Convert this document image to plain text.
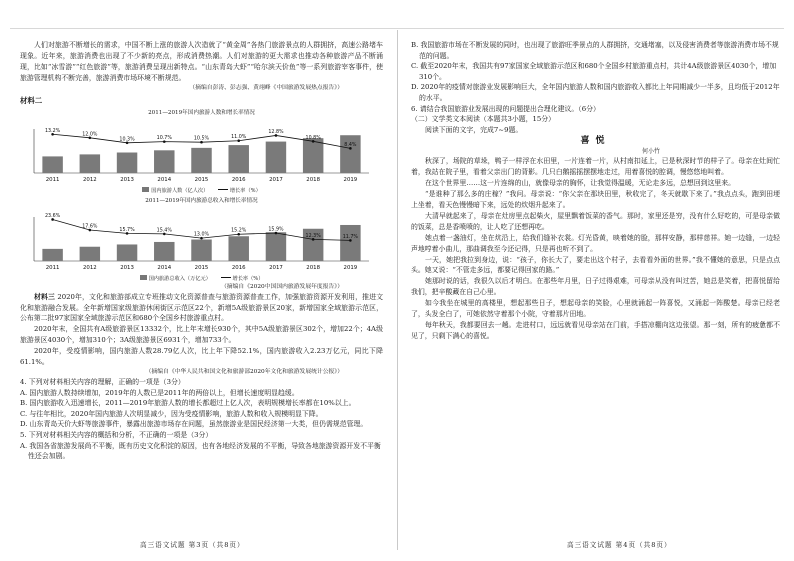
人们对旅游不断增长的需求，中国不断上涨的旅游人次造就了“黄金周”各热门旅游景点的人群拥挤，高速公路堵车现象。近年来，旅游消费也出现了不少新的亮点，形成消费热潮。人们对旅游的更大需求也推动各种旅游产品不断涌现，比如“冰雪游”“红色旅游”等，旅游消费呈现出新特点。“山东青岛大虾”“哈尔滨天价鱼”等一系列旅游宰客事件，使旅游管理机构不断完善，旅游消费市场环境不断规范。

（摘编自彭涛、彭志强、黄翊峰《中国旅游发展热点报告》）

材料二

2011—2019年国内旅游人数和增长率情况
2011	2012	2013	2014	2015	2016	2017	2018	2019
13.2%
12.0%
10.3%	10.7%	10.5%	11.0%
12.8%
10.8%
8.4%
国内旅游人数（亿人次）	增长率（%）
2011—2019年国内旅游总收入和增长率情况
2011	2012	2013	2014	2015	2016	2017	2018	2019
23.6%
17.6%
15.7%	15.4%
13.0%
15.2%	15.9%
12.3%	11.7%
国内旅游总收入（万亿元）	增长率（%）

（摘编自《2020中国国内旅游发展年度报告》）

材料三 2020年，文化和旅游部成立专班推动文化资源普查与旅游资源普查工作，加强旅游资源开发利用，推进文化和旅游融合发展。全年新增国家级旅游休闲街区示范区22个，新增5A级旅游景区20家，新增国家全域旅游示范区，公布第二批97家国家全域旅游示范区和680个全国乡村旅游重点村。

2020年末，全国共有A级旅游景区13332个，比上年末增长930个，其中5A级旅游景区302个，增加22个；4A级旅游景区4030个，增加310个；3A级旅游景区6931个，增加733个。

2020年，受疫情影响，国内旅游人数28.79亿人次，比上年下降52.1%，国内旅游收入2.23万亿元，同比下降61.1%。

（摘编自《中华人民共和国文化和旅游部2020年文化和旅游发展统计公报》）

4. 下列对材料相关内容的理解，正确的一项是（3分）

A. 国内旅游人数持续增加，2019年的人数已是2011年的两倍以上，但增长速度明显趋缓。

B. 国内旅游收入迅速增长，2011—2019年旅游人数的增长都超过上亿人次，表明规模增长率都在10%以上。

C. 与往年相比，2020年国内旅游人次明显减少，因为受疫情影响，旅游人数和收入规模明显下降。

D. 山东青岛天价大虾等旅游事件，暴露出旅游市场存在问题，虽然旅游业是国民经济第一大类，但仍需规范管理。

5. 下列对材料相关内容的概括和分析，不正确的一项是（3分）

A. 我国各省旅游发展尚不平衡，既有历史文化积淀的原因，也有各地经济发展的不平衡，导致各地旅游资源开发不平衡性还会加剧。

高三语文试题 第3页（共8页）

B. 我国旅游市场在不断发展的同时，也出现了旅游旺季景点的人群拥挤，交通堵塞，以及侵害消费者等旅游消费市场不规范的问题。

C. 截至2020年末，我国共有97家国家全域旅游示范区和680个全国乡村旅游重点村，共计4A级旅游景区4030个，增加310个。

D. 2020年的疫情对旅游业发展影响巨大，全年国内旅游人数和国内旅游收入都比上年同期减少一半多，且均低于2012年的水平。

6. 请结合我国旅游业发展出现的问题提出合理化建议。（6分）

（二）文学类文本阅读（本题共3小题，15分）

阅读下面的文字，完成7~9题。

喜悦
何小竹

秋深了，场院的草垛，鸭子一样浮在水田里，一片连着一片，从村南扣延上，已是秋深时节的样子了。母亲在灶间忙着，我站在院子里，看着父亲出门的背影。几只白鹅摇摇摆摆地走过，用着喜悦的腔调，慢悠悠地叫着。

在这个世界里……这一片连绵的山，就像母亲的胸怀，让我觉得温暖，无论走多远，总想回到这里来。

“是谁种了那么多的庄稼？”我问。母亲说：“你父亲在那块田里，秋收完了，冬天就歇下来了。”我点点头，跑到田埂上坐着，看天色慢慢暗下来，远处的炊烟升起来了。

大清早就起来了，母亲在灶房里点起柴火，屋里飘着饭菜的香气。那时，家里还是穷，没有什么好吃的，可是母亲做的饭菜，总是香喷喷的，让人吃了还想再吃。

她点着一盏油灯，坐在炕沿上，给我们缝补衣裳。灯光昏黄，映着她的脸，那样安静，那样慈祥。她一边缝，一边轻声地哼着小曲儿，那曲调我至今还记得，只是再也听不到了。

一天，她把我拉到身边，说：“孩子，你长大了，要走出这个村子，去看看外面的世界。”我不懂她的意思，只是点点头。她又说：“不管走多远，都要记得回家的路。”

她那时说的话，我很久以后才明白。在那些年月里，日子过得艰难，可母亲从没有叫过苦，她总是笑着，把喜悦留给我们，把辛酸藏在自己心里。

如今我坐在城里的高楼里，想起那些日子，想起母亲的笑脸，心里就涌起一阵喜悦，又涌起一阵酸楚。母亲已经老了，头发全白了，可她依然守着那个小院，守着那片田地。

每年秋天，我都要回去一趟。走进村口，远远就看见母亲站在门前，手搭凉棚向这边张望。那一刻，所有的疲惫都不见了，只剩下满心的喜悦。

高三语文试题 第4页（共8页）
